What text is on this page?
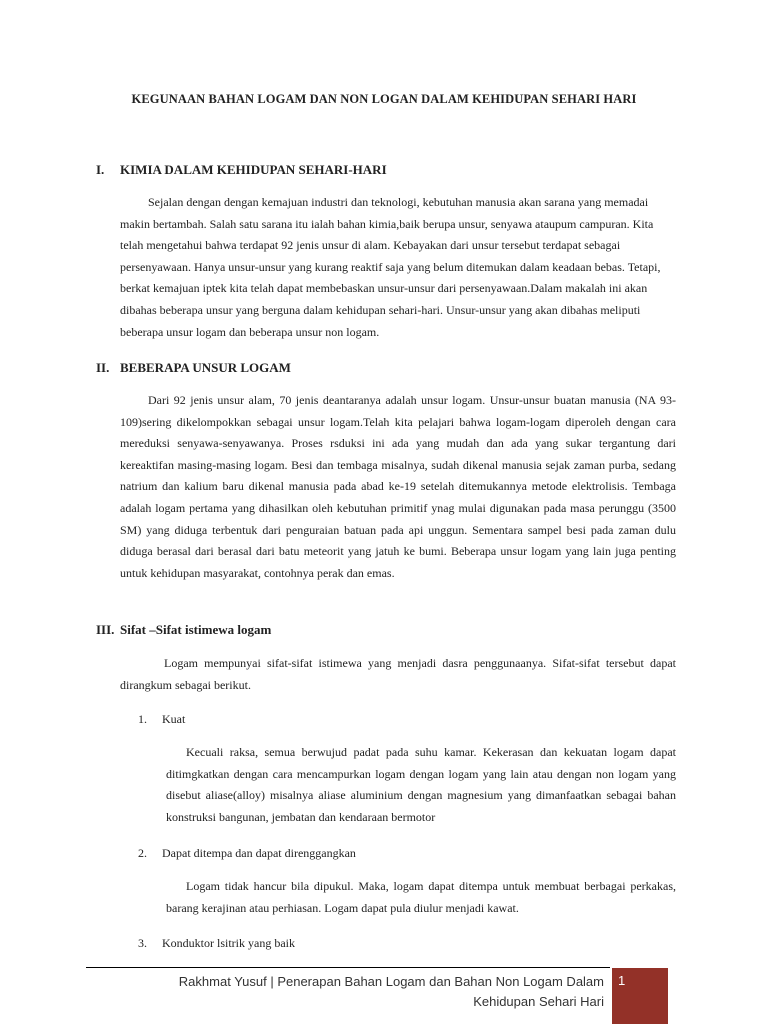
KEGUNAAN BAHAN LOGAM DAN NON LOGAN DALAM KEHIDUPAN SEHARI HARI
I. KIMIA DALAM KEHIDUPAN SEHARI-HARI

Sejalan dengan dengan kemajuan industri dan teknologi, kebutuhan manusia akan sarana yang memadai makin bertambah. Salah satu sarana itu ialah bahan kimia,baik berupa unsur, senyawa ataupum campuran. Kita telah mengetahui bahwa terdapat 92 jenis unsur di alam. Kebayakan dari unsur tersebut terdapat sebagai persenyawaan. Hanya unsur-unsur yang kurang reaktif saja yang belum ditemukan dalam keadaan bebas. Tetapi, berkat kemajuan iptek kita telah dapat membebaskan unsur-unsur dari persenyawaan.Dalam makalah ini akan dibahas beberapa unsur yang berguna dalam kehidupan sehari-hari. Unsur-unsur yang akan dibahas meliputi beberapa unsur logam dan beberapa unsur non logam.

II. BEBERAPA UNSUR LOGAM

Dari 92 jenis unsur alam, 70 jenis deantaranya adalah unsur logam. Unsur-unsur buatan manusia (NA 93-109)sering dikelompokkan sebagai unsur logam.Telah kita pelajari bahwa logam-logam diperoleh dengan cara mereduksi senyawa-senyawanya. Proses rsduksi ini ada yang mudah dan ada yang sukar tergantung dari kereaktifan masing-masing logam. Besi dan tembaga misalnya, sudah dikenal manusia sejak zaman purba, sedang natrium dan kalium baru dikenal manusia pada abad ke-19 setelah ditemukannya metode elektrolisis. Tembaga adalah logam pertama yang dihasilkan oleh kebutuhan primitif ynag mulai digunakan pada masa perunggu (3500 SM) yang diduga terbentuk dari penguraian batuan pada api unggun. Sementara sampel besi pada zaman dulu diduga berasal dari berasal dari batu meteorit yang jatuh ke bumi. Beberapa unsur logam yang lain juga penting untuk kehidupan masyarakat, contohnya perak dan emas.

III. Sifat –Sifat istimewa logam

Logam mempunyai sifat-sifat istimewa yang menjadi dasra penggunaanya. Sifat-sifat tersebut dapat dirangkum sebagai berikut.

1. Kuat

Kecuali raksa, semua berwujud padat pada suhu kamar. Kekerasan dan kekuatan logam dapat ditimgkatkan dengan cara mencampurkan logam dengan logam yang lain atau dengan non logam yang disebut aliase(alloy) misalnya aliase aluminium dengan magnesium yang dimanfaatkan sebagai bahan konstruksi bangunan, jembatan dan kendaraan bermotor

2. Dapat ditempa dan dapat direnggangkan

Logam tidak hancur bila dipukul. Maka, logam dapat ditempa untuk membuat berbagai perkakas, barang kerajinan atau perhiasan. Logam dapat pula diulur menjadi kawat.

3. Konduktor lsitrik yang baik
Rakhmat Yusuf | Penerapan Bahan Logam dan Bahan Non Logam Dalam
Kehidupan Sehari Hari
1
